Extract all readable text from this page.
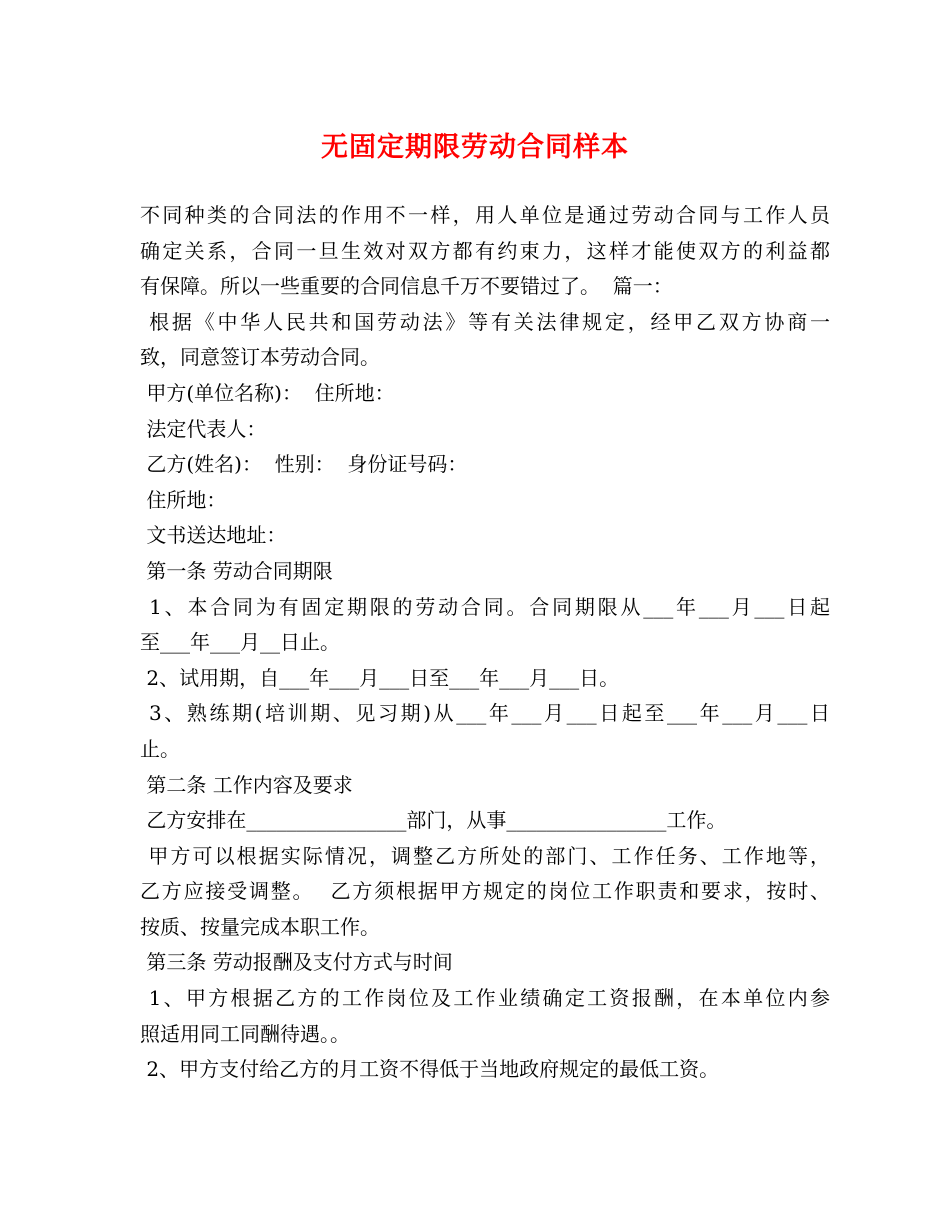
无固定期限劳动合同样本
不同种类的合同法的作用不一样，用人单位是通过劳动合同与工作人员
确定关系，合同一旦生效对双方都有约束力，这样才能使双方的利益都
有保障。所以一些重要的合同信息千万不要错过了。  篇一：
根据《中华人民共和国劳动法》等有关法律规定，经甲乙双方协商一
致，同意签订本劳动合同。
甲方(单位名称)：  住所地：
法定代表人：
乙方(姓名)：  性别：  身份证号码：
住所地：
文书送达地址：
第一条 劳动合同期限
1、本合同为有固定期限的劳动合同。合同期限从___年___月___日起
至___年___月__日止。
2、试用期，自___年___月___日至___年___月___日。
3、熟练期(培训期、见习期)从___年___月___日起至___年___月___日
止。
第二条 工作内容及要求
乙方安排在________________部门，从事________________工作。
甲方可以根据实际情况，调整乙方所处的部门、工作任务、工作地等，
乙方应接受调整。  乙方须根据甲方规定的岗位工作职责和要求，按时、
按质、按量完成本职工作。
第三条 劳动报酬及支付方式与时间
1、甲方根据乙方的工作岗位及工作业绩确定工资报酬，在本单位内参
照适用同工同酬待遇。。
2、甲方支付给乙方的月工资不得低于当地政府规定的最低工资。
